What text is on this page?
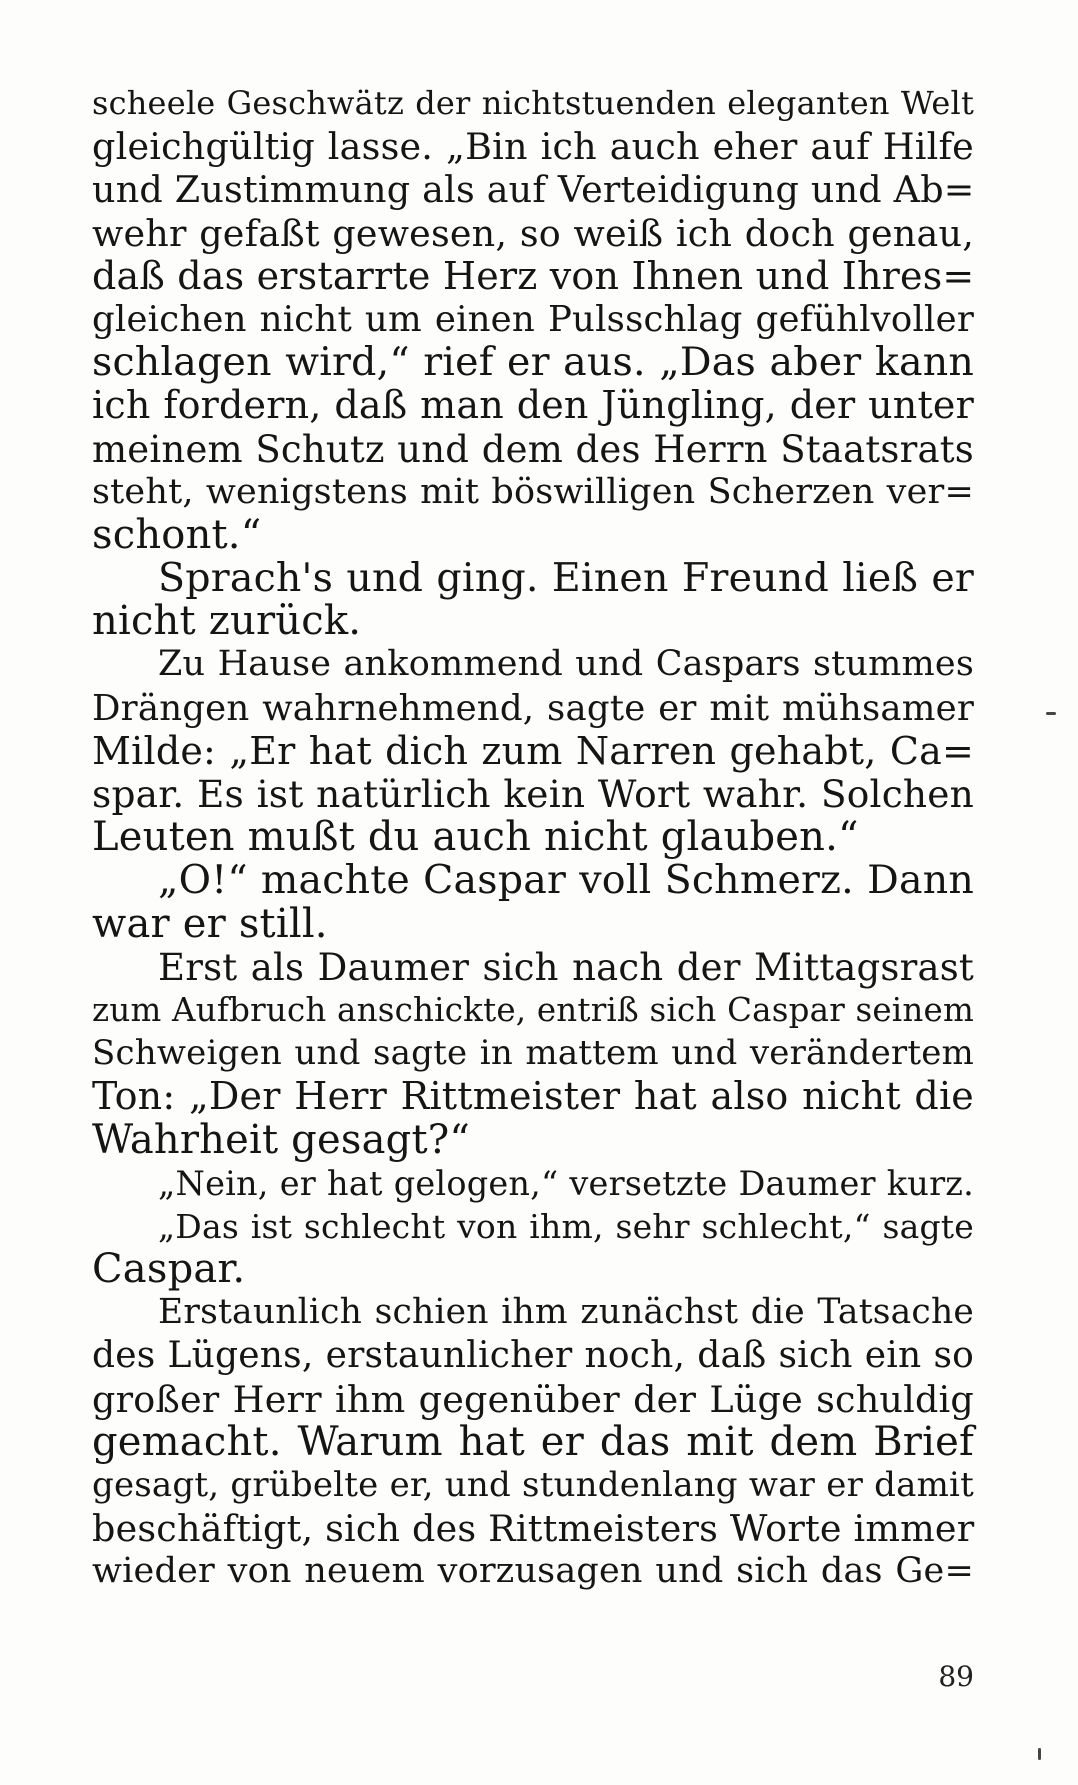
scheele Geschwätz der nichtstuenden eleganten Welt
gleichgültig lasse. „Bin ich auch eher auf Hilfe
und Zustimmung als auf Verteidigung und Ab=
wehr gefaßt gewesen, so weiß ich doch genau,
daß das erstarrte Herz von Ihnen und Ihres=
gleichen nicht um einen Pulsschlag gefühlvoller
schlagen wird,“ rief er aus. „Das aber kann
ich fordern, daß man den Jüngling, der unter
meinem Schutz und dem des Herrn Staatsrats
steht, wenigstens mit böswilligen Scherzen ver=
schont.“
Sprach's und ging. Einen Freund ließ er
nicht zurück.
Zu Hause ankommend und Caspars stummes
Drängen wahrnehmend, sagte er mit mühsamer
Milde: „Er hat dich zum Narren gehabt, Ca=
spar. Es ist natürlich kein Wort wahr. Solchen
Leuten mußt du auch nicht glauben.“
„O!“ machte Caspar voll Schmerz. Dann
war er still.
Erst als Daumer sich nach der Mittagsrast
zum Aufbruch anschickte, entriß sich Caspar seinem
Schweigen und sagte in mattem und verändertem
Ton: „Der Herr Rittmeister hat also nicht die
Wahrheit gesagt?“
„Nein, er hat gelogen,“ versetzte Daumer kurz.
„Das ist schlecht von ihm, sehr schlecht,“ sagte
Caspar.
Erstaunlich schien ihm zunächst die Tatsache
des Lügens, erstaunlicher noch, daß sich ein so
großer Herr ihm gegenüber der Lüge schuldig
gemacht. Warum hat er das mit dem Brief
gesagt, grübelte er, und stundenlang war er damit
beschäftigt, sich des Rittmeisters Worte immer
wieder von neuem vorzusagen und sich das Ge=
89
